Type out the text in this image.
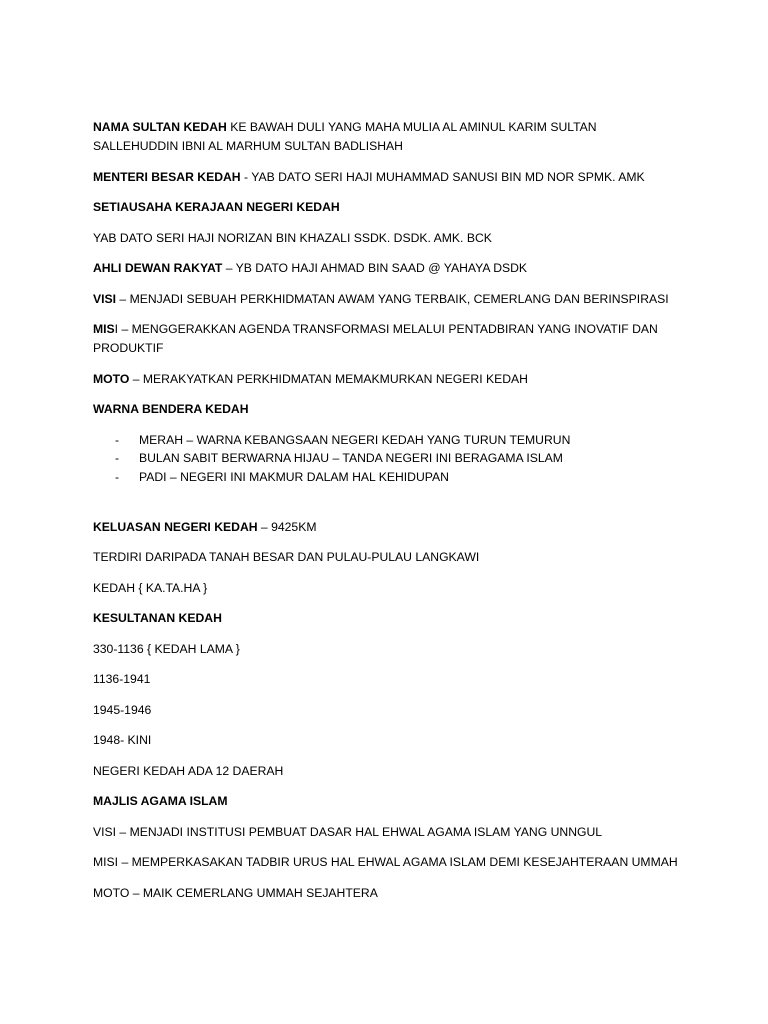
NAMA SULTAN KEDAH KE BAWAH DULI YANG MAHA MULIA AL AMINUL KARIM SULTAN SALLEHUDDIN IBNI AL MARHUM SULTAN BADLISHAH

MENTERI BESAR KEDAH - YAB DATO SERI HAJI MUHAMMAD SANUSI BIN MD NOR SPMK. AMK

SETIAUSAHA KERAJAAN NEGERI KEDAH

YAB DATO SERI HAJI NORIZAN BIN KHAZALI SSDK. DSDK. AMK. BCK

AHLI DEWAN RAKYAT – YB DATO HAJI AHMAD BIN SAAD @ YAHAYA DSDK

VISI – MENJADI SEBUAH PERKHIDMATAN AWAM YANG TERBAIK, CEMERLANG DAN BERINSPIRASI

MISI – MENGGERAKKAN AGENDA TRANSFORMASI MELALUI PENTADBIRAN YANG INOVATIF DAN PRODUKTIF

MOTO – MERAKYATKAN PERKHIDMATAN MEMAKMURKAN NEGERI KEDAH

WARNA BENDERA KEDAH

- MERAH – WARNA KEBANGSAAN NEGERI KEDAH YANG TURUN TEMURUN
- BULAN SABIT BERWARNA HIJAU – TANDA NEGERI INI BERAGAMA ISLAM
- PADI – NEGERI INI MAKMUR DALAM HAL KEHIDUPAN

KELUASAN NEGERI KEDAH – 9425KM

TERDIRI DARIPADA TANAH BESAR DAN PULAU-PULAU LANGKAWI

KEDAH { KA.TA.HA }

KESULTANAN KEDAH

330-1136 { KEDAH LAMA }

1136-1941

1945-1946

1948- KINI

NEGERI KEDAH ADA 12 DAERAH

MAJLIS AGAMA ISLAM

VISI – MENJADI INSTITUSI PEMBUAT DASAR HAL EHWAL AGAMA ISLAM YANG UNNGUL

MISI – MEMPERKASAKAN TADBIR URUS HAL EHWAL AGAMA ISLAM DEMI KESEJAHTERAAN UMMAH

MOTO – MAIK CEMERLANG UMMAH SEJAHTERA
